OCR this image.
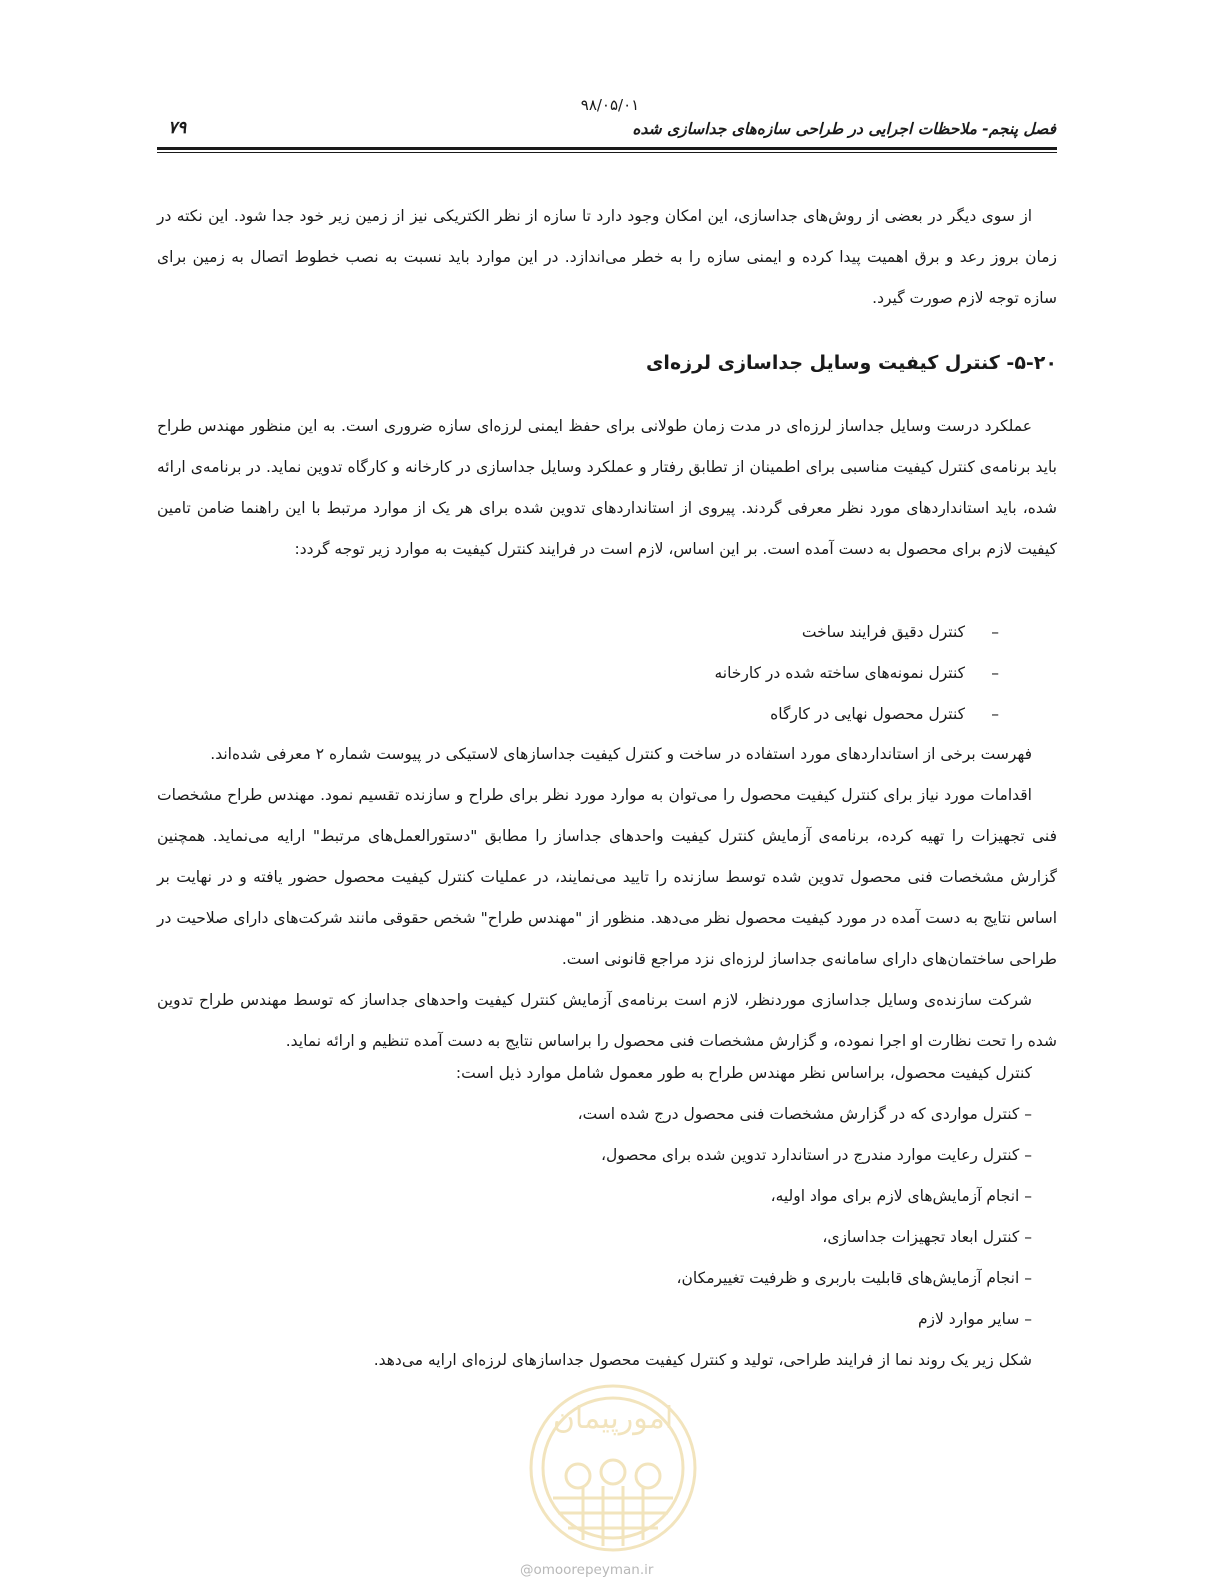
۹۸/۰۵/۰۱
فصل پنجم- ملاحظات اجرایی در طراحی سازه‌های جداسازی شده
۷۹

از سوی دیگر در بعضی از روش‌های جداسازی، این امکان وجود دارد تا سازه از نظر الکتریکی نیز از زمین زیر خود جدا شود. این نکته در زمان بروز رعد و برق اهمیت پیدا کرده و ایمنی سازه را به خطر می‌اندازد. در این موارد باید نسبت به نصب خطوط اتصال به زمین برای سازه توجه لازم صورت گیرد.

۵-۲۰- کنترل کیفیت وسایل جداسازی لرزه‌ای

عملکرد درست وسایل جداساز لرزه‌ای در مدت زمان طولانی برای حفظ ایمنی لرزه‌ای سازه ضروری است. به این منظور مهندس طراح باید برنامه‌ی کنترل کیفیت مناسبی برای اطمینان از تطابق رفتار و عملکرد وسایل جداسازی در کارخانه و کارگاه تدوین نماید. در برنامه‌ی ارائه شده، باید استانداردهای مورد نظر معرفی گردند. پیروی از استانداردهای تدوین شده برای هر یک از موارد مرتبط با این راهنما ضامن تامین کیفیت لازم برای محصول به دست آمده است. بر این اساس، لازم است در فرایند کنترل کیفیت به موارد زیر توجه گردد:

– کنترل دقیق فرایند ساخت
– کنترل نمونه‌های ساخته شده در کارخانه
– کنترل محصول نهایی در کارگاه

فهرست برخی از استانداردهای مورد استفاده در ساخت و کنترل کیفیت جداسازهای لاستیکی در پیوست شماره ۲ معرفی شده‌اند.

اقدامات مورد نیاز برای کنترل کیفیت محصول را می‌توان به موارد مورد نظر برای طراح و سازنده تقسیم نمود. مهندس طراح مشخصات فنی تجهیزات را تهیه کرده، برنامه‌ی آزمایش کنترل کیفیت واحدهای جداساز را مطابق "دستورالعمل‌های مرتبط" ارایه می‌نماید. همچنین گزارش مشخصات فنی محصول تدوین شده توسط سازنده را تایید می‌نمایند، در عملیات کنترل کیفیت محصول حضور یافته و در نهایت بر اساس نتایج به دست آمده در مورد کیفیت محصول نظر می‌دهد. منظور از "مهندس طراح" شخص حقوقی مانند شرکت‌های دارای صلاحیت در طراحی ساختمان‌های دارای سامانه‌ی جداساز لرزه‌ای نزد مراجع قانونی است.

شرکت سازنده‌ی وسایل جداسازی موردنظر، لازم است برنامه‌ی آزمایش کنترل کیفیت واحدهای جداساز که توسط مهندس طراح تدوین شده را تحت نظارت او اجرا نموده، و گزارش مشخصات فنی محصول را براساس نتایج به دست آمده تنظیم و ارائه نماید.

کنترل کیفیت محصول، براساس نظر مهندس طراح به طور معمول شامل موارد ذیل است:

– کنترل مواردی که در گزارش مشخصات فنی محصول درج شده است،
– کنترل رعایت موارد مندرج در استاندارد تدوین شده برای محصول،
– انجام آزمایش‌های لازم برای مواد اولیه،
– کنترل ابعاد تجهیزات جداسازی،
– انجام آزمایش‌های قابلیت باربری و ظرفیت تغییرمکان،
– سایر موارد لازم

شکل زیر یک روند نما از فرایند طراحی، تولید و کنترل کیفیت محصول جداسازهای لرزه‌ای ارایه می‌دهد.

امورپیمان
@omoorepeyman.ir
